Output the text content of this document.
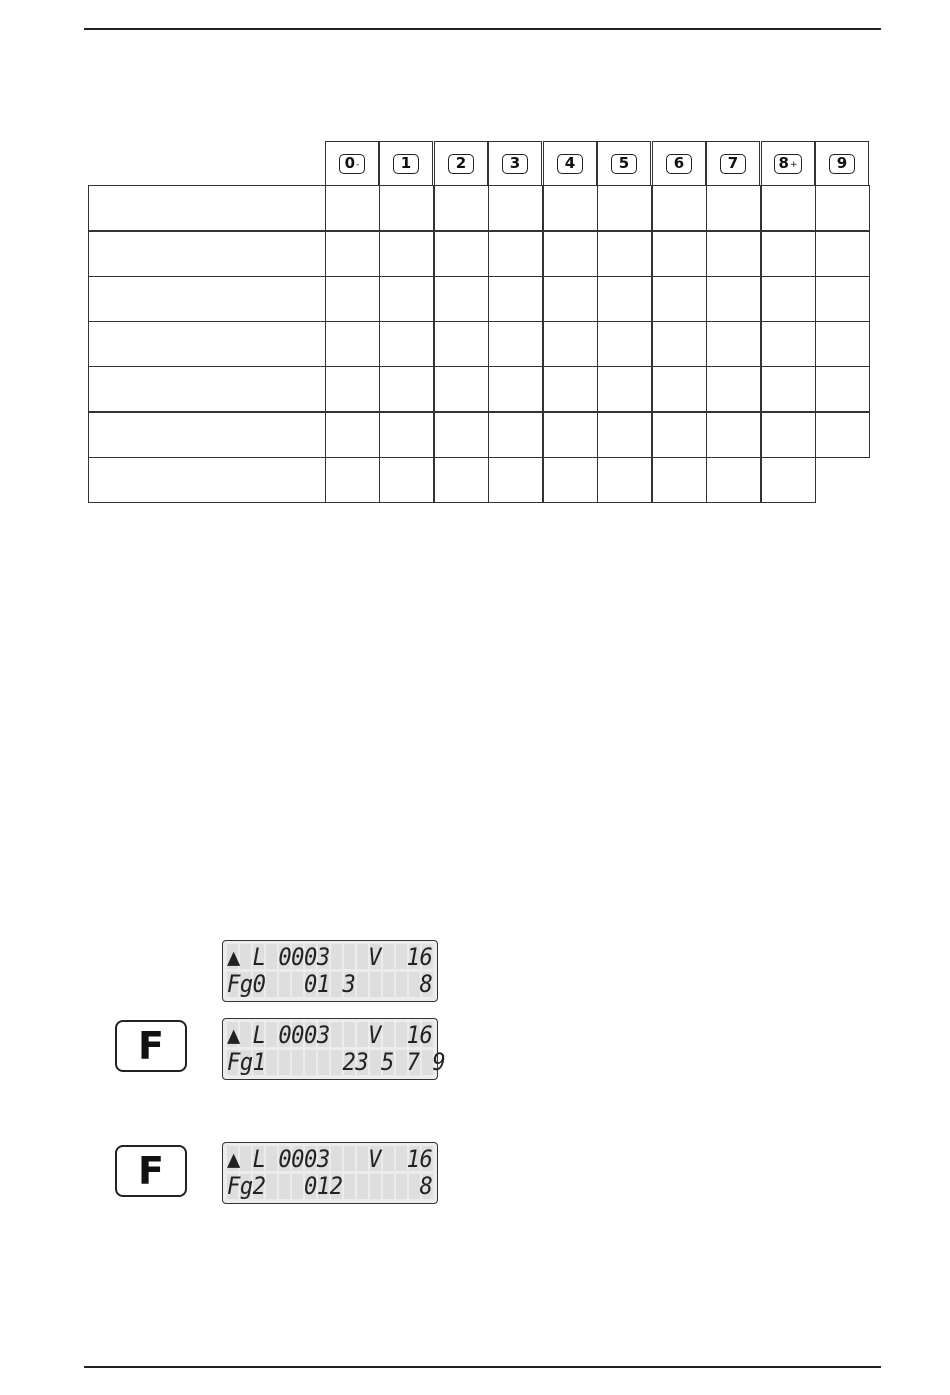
0 -	1	2	3	4	5	6	7	8 +	9
F
F
▲ L 0003   V  16
Fg0   01 3     8
▲ L 0003   V  16
Fg1      23 5 7 9
▲ L 0003   V  16
Fg2   012      8
